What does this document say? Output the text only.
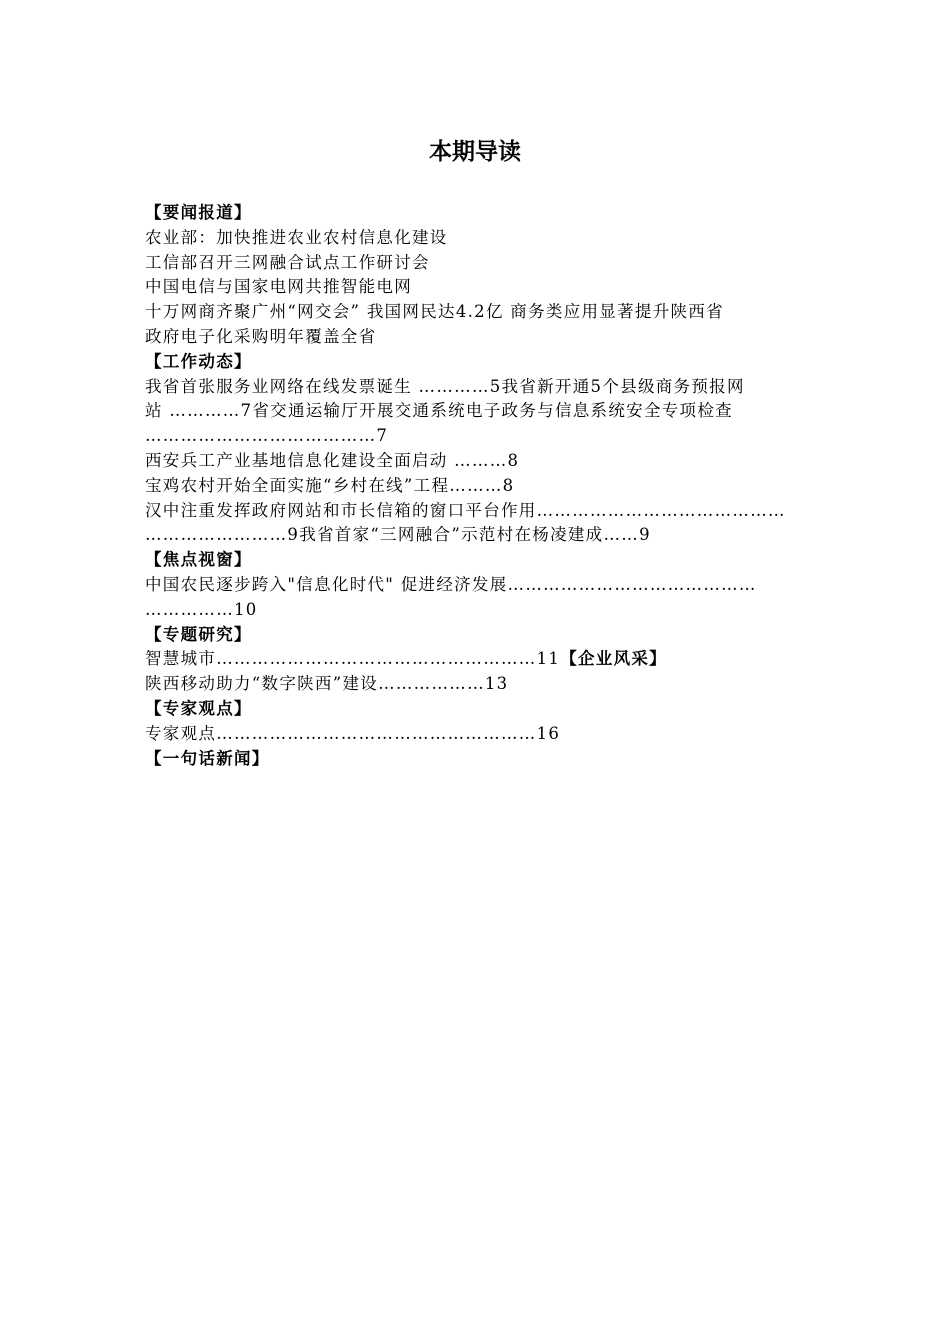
本期导读
【要闻报道】
农业部：加快推进农业农村信息化建设
工信部召开三网融合试点工作研讨会
中国电信与国家电网共推智能电网
十万网商齐聚广州“网交会” 我国网民达4.2亿 商务类应用显著提升陕西省
政府电子化采购明年覆盖全省
【工作动态】
我省首张服务业网络在线发票诞生 …………5我省新开通5个县级商务预报网
站 …………7省交通运输厅开展交通系统电子政务与信息系统安全专项检查
…………………………………7
西安兵工产业基地信息化建设全面启动 ………8
宝鸡农村开始全面实施“乡村在线”工程………8
汉中注重发挥政府网站和市长信箱的窗口平台作用……………………………………
……………………9我省首家“三网融合”示范村在杨凌建成……9
【焦点视窗】
中国农民逐步跨入"信息化时代" 促进经济发展……………………………………
……………10
【专题研究】
智慧城市………………………………………………11【企业风采】
陕西移动助力“数字陕西”建设………………13
【专家观点】
专家观点………………………………………………16
【一句话新闻】
